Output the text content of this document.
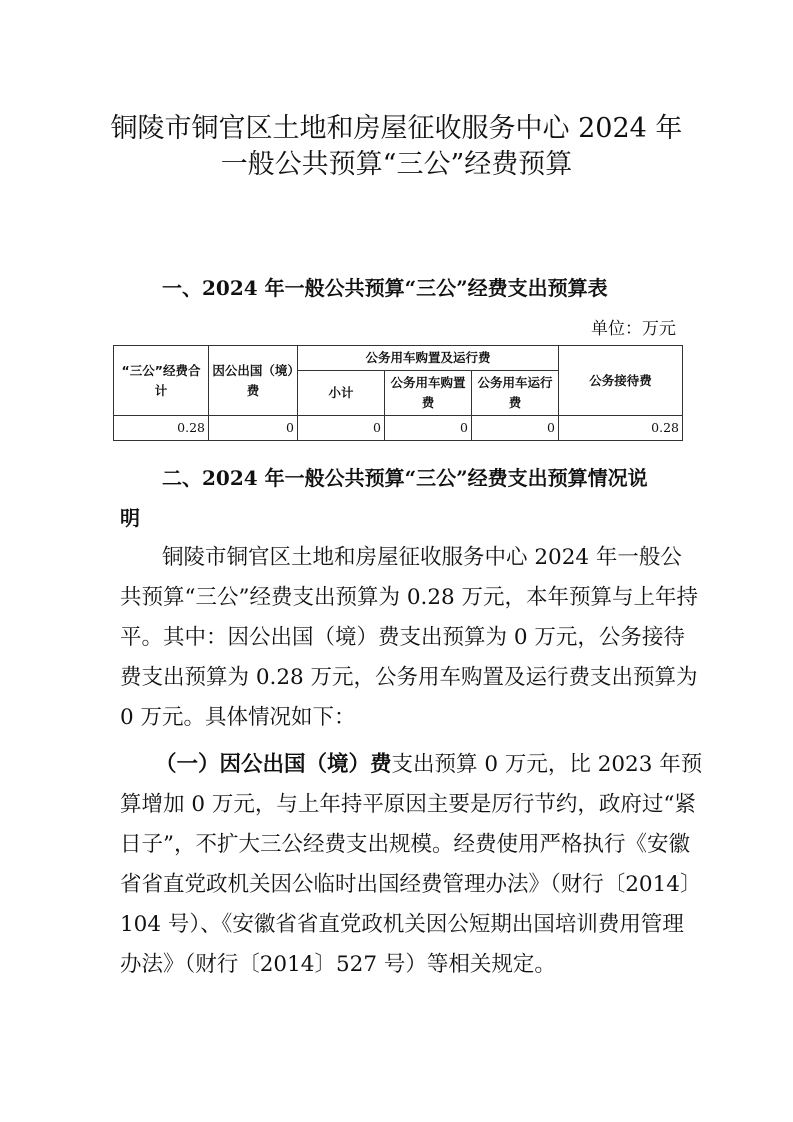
铜陵市铜官区土地和房屋征收服务中心 2024 年
一般公共预算“三公”经费预算
一、2024 年一般公共预算“三公”经费支出预算表
单位：万元
“三公”经费合计	因公出国（境）费	公务用车购置及运行费			公务接待费
		小计	公务用车购置费	公务用车运行费	
0.28	0	0	0	0	0.28
二、2024 年一般公共预算“三公”经费支出预算情况说
明
铜陵市铜官区土地和房屋征收服务中心 2024 年一般公
共预算“三公”经费支出预算为 0.28 万元，本年预算与上年持
平。其中：因公出国（境）费支出预算为 0 万元，公务接待
费支出预算为 0.28 万元，公务用车购置及运行费支出预算为
0 万元。具体情况如下：
（一）因公出国（境）费支出预算 0 万元，比 2023 年预
算增加 0 万元，与上年持平原因主要是厉行节约，政府过“紧
日子”，不扩大三公经费支出规模。经费使用严格执行《安徽
省省直党政机关因公临时出国经费管理办法》（财行〔2014〕
104 号）、《安徽省省直党政机关因公短期出国培训费用管理
办法》（财行〔2014〕527 号）等相关规定。
